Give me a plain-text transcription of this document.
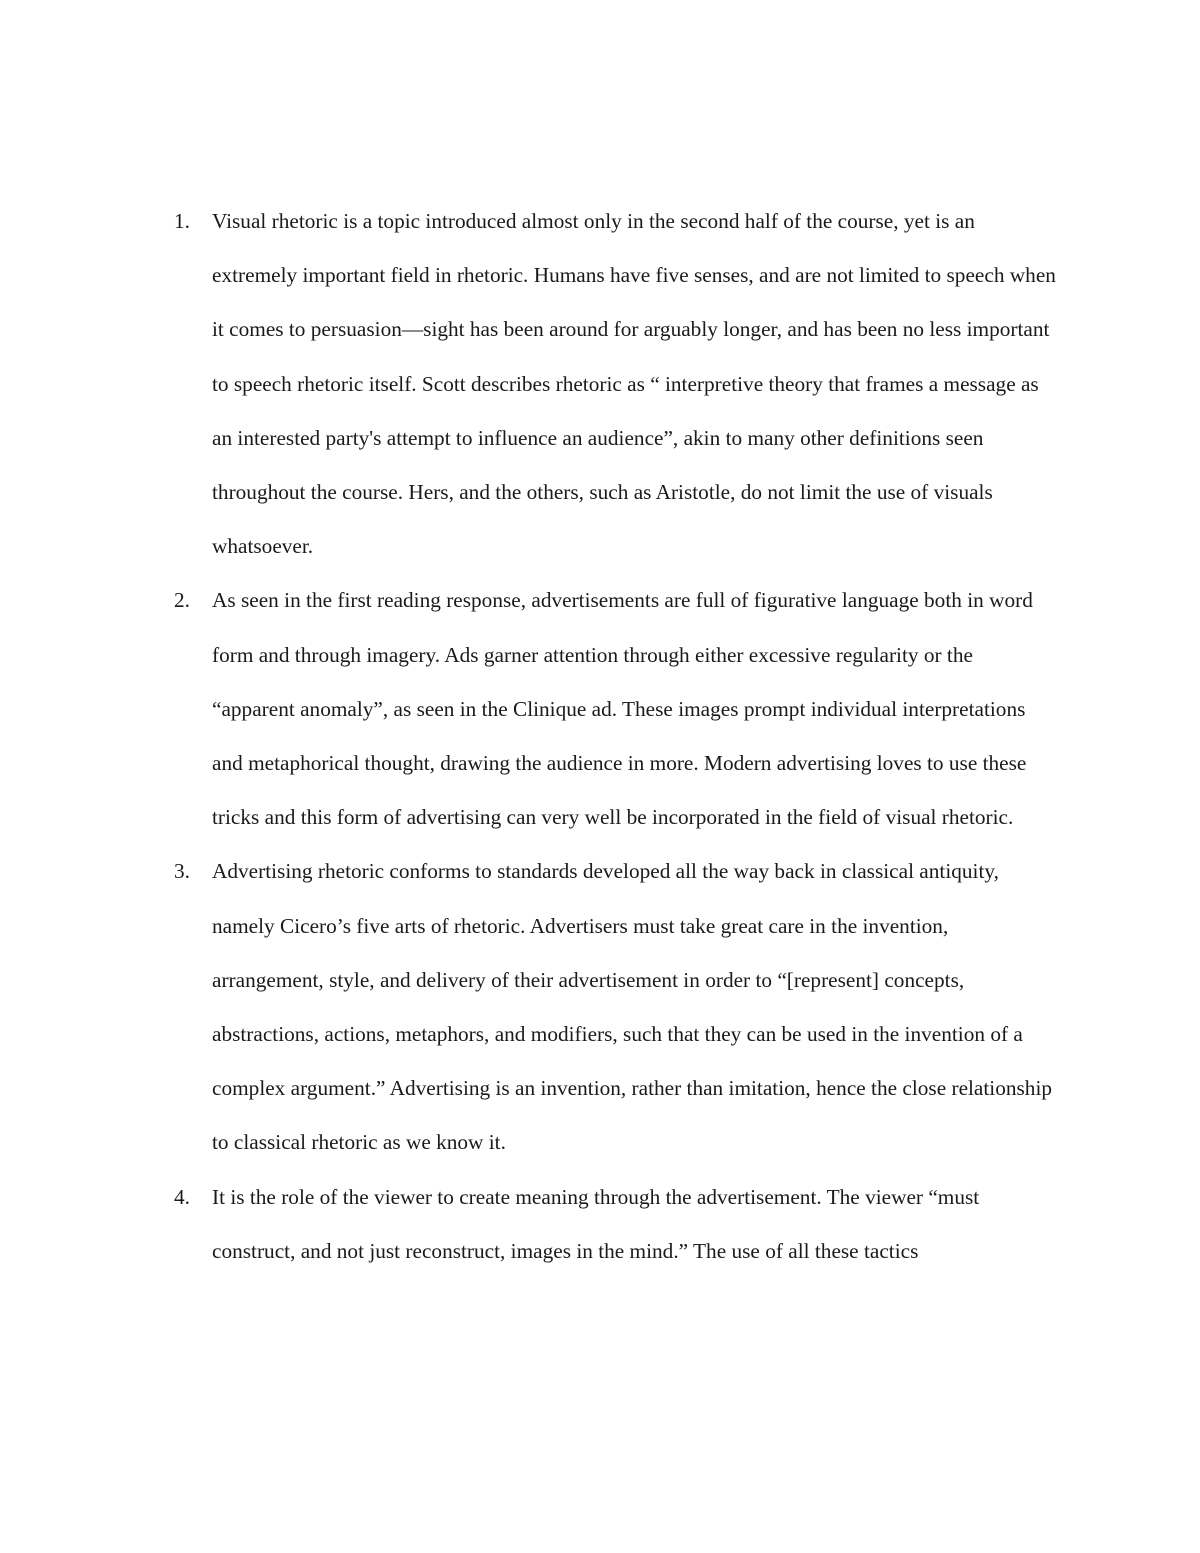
1.	Visual rhetoric is a topic introduced almost only in the second half of the course, yet is an extremely important field in rhetoric. Humans have five senses, and are not limited to speech when it comes to persuasion—sight has been around for arguably longer, and has been no less important to speech rhetoric itself. Scott describes rhetoric as “ interpretive theory that frames a message as an interested party's attempt to influence an audience”, akin to many other definitions seen throughout the course. Hers, and the others, such as Aristotle, do not limit the use of visuals whatsoever.
2.	As seen in the first reading response, advertisements are full of figurative language both in word form and through imagery. Ads garner attention through either excessive regularity or the “apparent anomaly”, as seen in the Clinique ad. These images prompt individual interpretations and metaphorical thought, drawing the audience in more. Modern advertising loves to use these tricks and this form of advertising can very well be incorporated in the field of visual rhetoric.
3.	Advertising rhetoric conforms to standards developed all the way back in classical antiquity, namely Cicero’s five arts of rhetoric. Advertisers must take great care in the invention, arrangement, style, and delivery of their advertisement in order to “[represent] concepts, abstractions, actions, metaphors, and modifiers, such that they can be used in the invention of a complex argument.” Advertising is an invention, rather than imitation, hence the close relationship to classical rhetoric as we know it.
4.	It is the role of the viewer to create meaning through the advertisement. The viewer “must construct, and not just reconstruct, images in the mind.” The use of all these tactics
